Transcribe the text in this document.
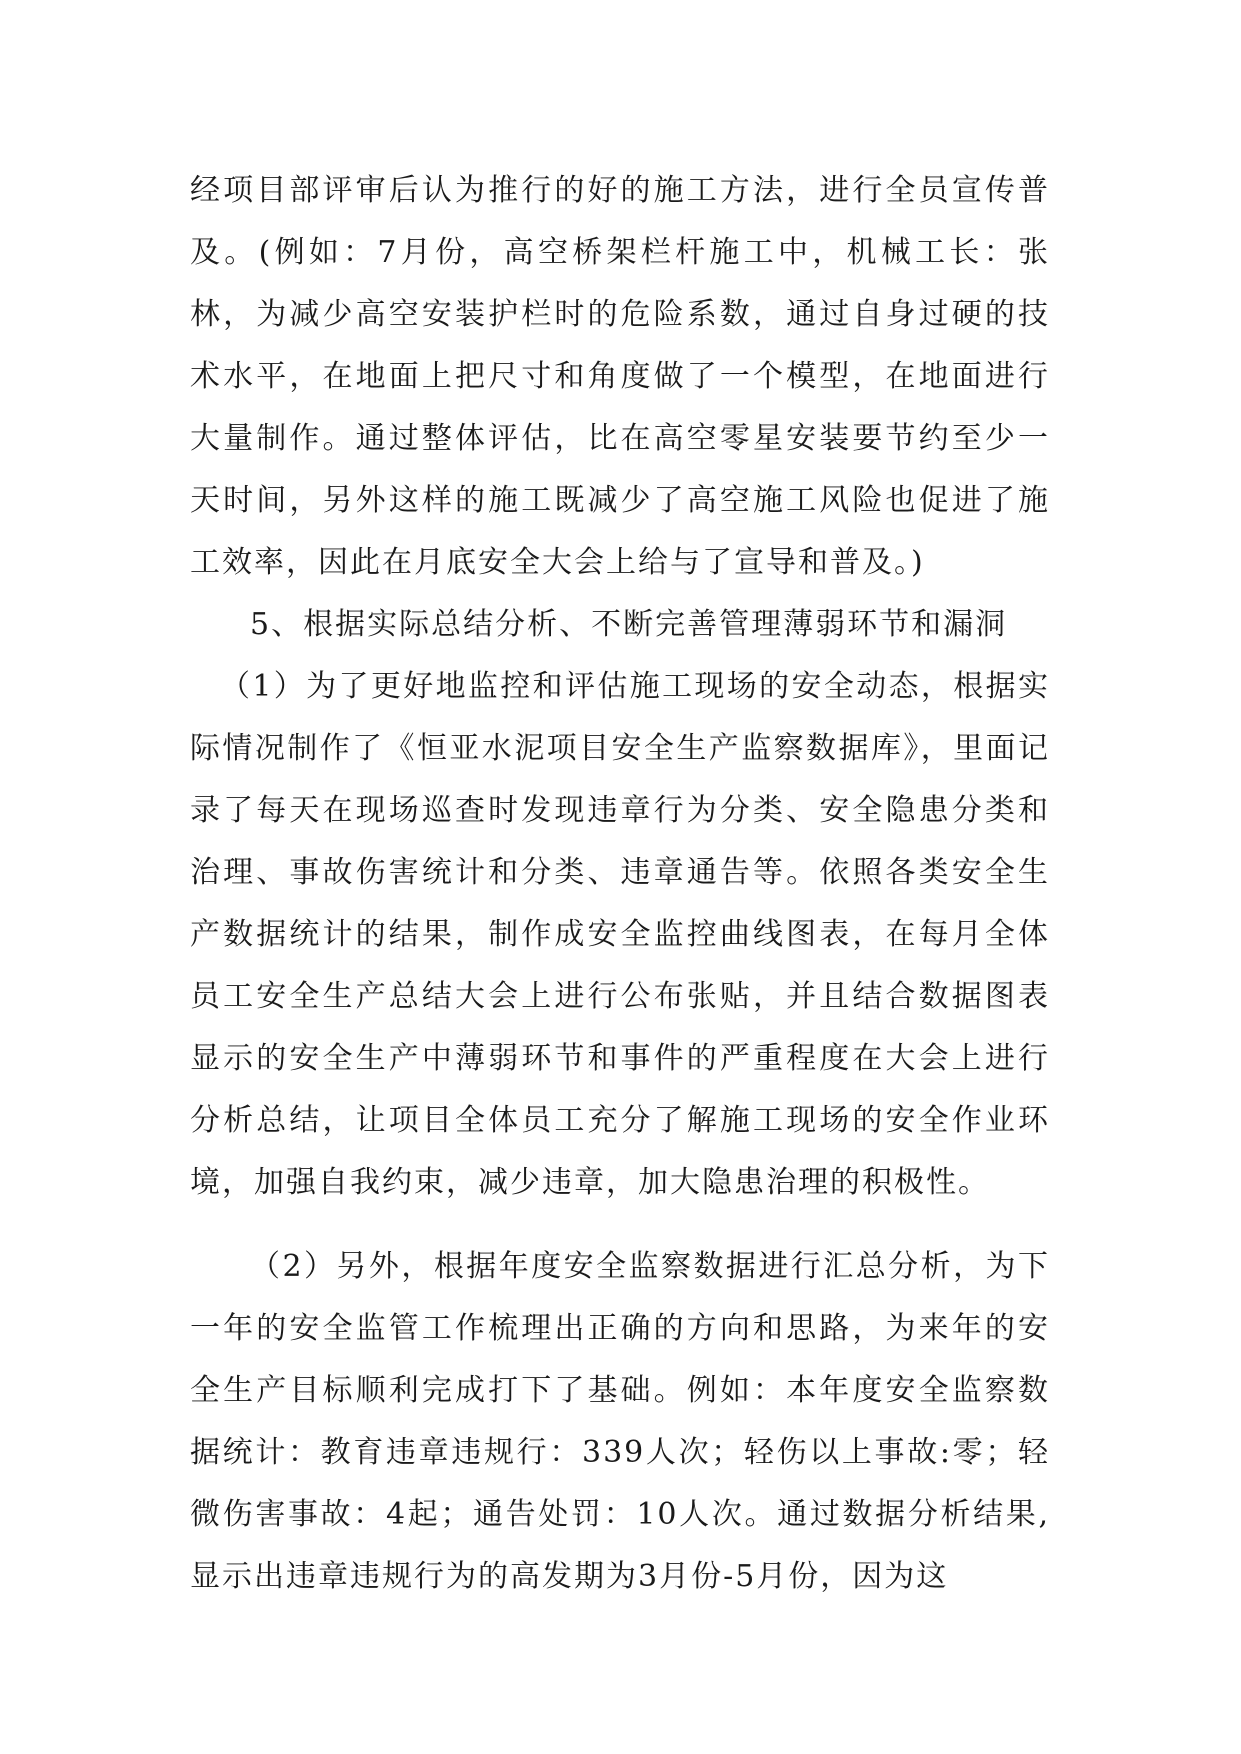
经项目部评审后认为推行的好的施工方法，进行全员宣传普及。(例如：7月份，高空桥架栏杆施工中，机械工长：张林，为减少高空安装护栏时的危险系数，通过自身过硬的技术水平，在地面上把尺寸和角度做了一个模型，在地面进行大量制作。通过整体评估，比在高空零星安装要节约至少一天时间，另外这样的施工既减少了高空施工风险也促进了施工效率，因此在月底安全大会上给与了宣导和普及。)

5、根据实际总结分析、不断完善管理薄弱环节和漏洞

（1）为了更好地监控和评估施工现场的安全动态，根据实际情况制作了《恒亚水泥项目安全生产监察数据库》，里面记录了每天在现场巡查时发现违章行为分类、安全隐患分类和治理、事故伤害统计和分类、违章通告等。依照各类安全生产数据统计的结果，制作成安全监控曲线图表，在每月全体员工安全生产总结大会上进行公布张贴，并且结合数据图表显示的安全生产中薄弱环节和事件的严重程度在大会上进行分析总结，让项目全体员工充分了解施工现场的安全作业环境，加强自我约束，减少违章，加大隐患治理的积极性。

（2）另外，根据年度安全监察数据进行汇总分析，为下一年的安全监管工作梳理出正确的方向和思路，为来年的安全生产目标顺利完成打下了基础。例如：本年度安全监察数据统计：教育违章违规行：339人次；轻伤以上事故:零；轻微伤害事故：4起；通告处罚：10人次。通过数据分析结果,显示出违章违规行为的高发期为3月份-5月份，因为这
